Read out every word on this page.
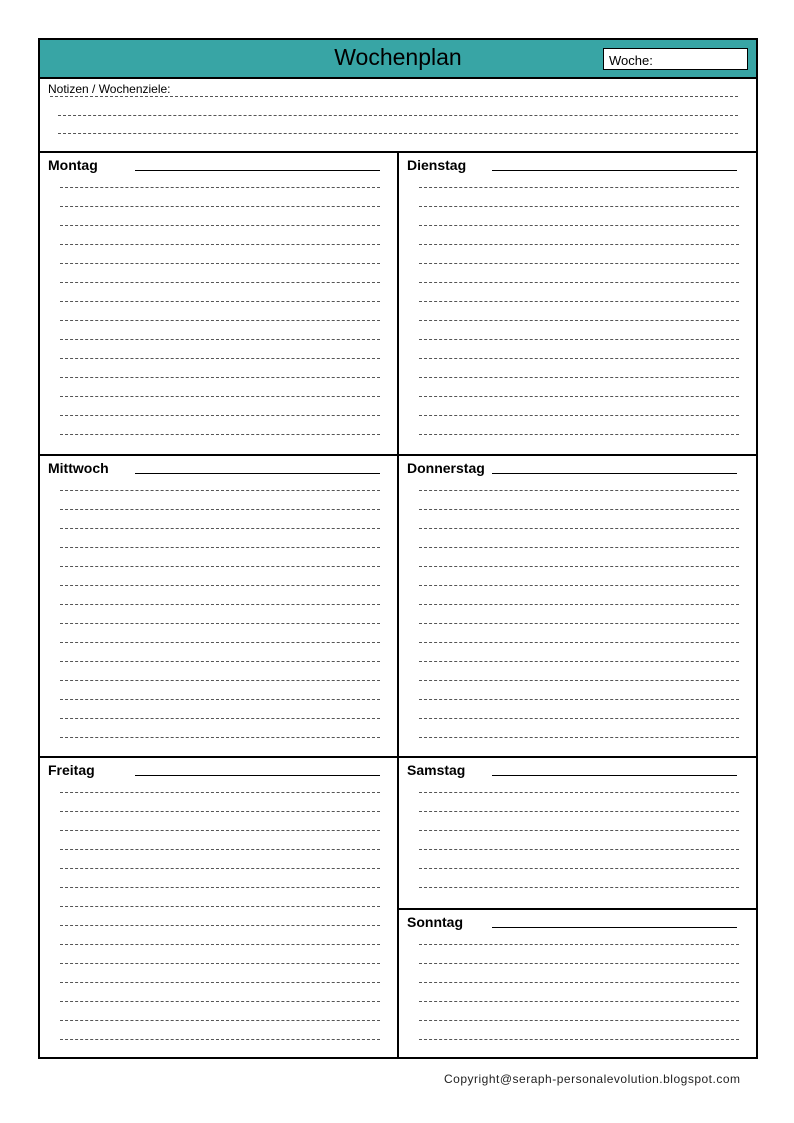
Wochenplan	Woche:
Notizen / Wochenziele:
Montag	Dienstag
Mittwoch	Donnerstag
Freitag	Samstag
Sonntag
Copyright@seraph-personalevolution.blogspot.com
